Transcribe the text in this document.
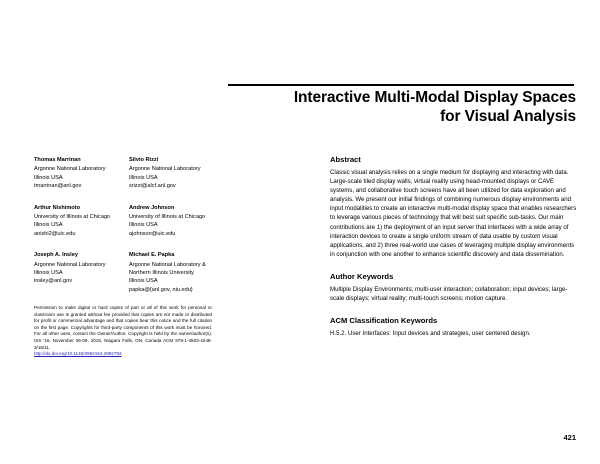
Interactive Multi-Modal Display Spaces
for Visual Analysis
Thomas Marrinan
Argonne National Laboratory
Illinois USA
tmarrinan@anl.gov
Silvio Rizzi
Argonne National Laboratory
Illinois USA
srizzi@alcf.anl.gov
Arthur Nishimoto
University of Illinois at Chicago
Illinois USA
anishi2@uic.edu
Andrew Johnson
University of Illinois at Chicago
Illinois USA
ajohnson@uic.edu
Joseph A. Insley
Argonne National Laboratory
Illinois USA
insley@anl.gov
Michael E. Papka
Argonne National Laboratory &
Northern Illinois University
Illinois USA
papka@{anl.gov, niu.edu}
Permission to make digital or hard copies of part or all of this work for personal or classroom use is granted without fee provided that copies are not made or distributed for profit or commercial advantage and that copies bear this notice and the full citation on the first page. Copyrights for third-party components of this work must be honored. For all other uses, contact the Owner/Author. Copyright is held by the owner/author(s). ISS '16, November 06-09, 2016, Niagara Falls, ON, Canada ACM 978-1-4503-4248-3/16/11.
http://dx.doi.org/10.1145/2992154.2992792
Abstract
Classic visual analysis relies on a single medium for displaying and interacting with data. Large-scale tiled display walls, virtual reality using head-mounted displays or CAVE systems, and collaborative touch screens have all been utilized for data exploration and analysis. We present our initial findings of combining numerous display environments and input modalities to create an interactive multi-modal display space that enables researchers to leverage various pieces of technology that will best suit specific sub-tasks. Our main contributions are 1) the deployment of an input server that interfaces with a wide array of interaction devices to create a single uniform stream of data usable by custom visual applications, and 2) three real-world use cases of leveraging multiple display environments in conjunction with one another to enhance scientific discovery and data dissemination.
Author Keywords
Multiple Display Environments; multi-user interaction; collaboration; input devices; large-scale displays; virtual reality; multi-touch screens; motion capture.
ACM Classification Keywords
H.5.2. User Interfaces: Input devices and strategies, user centered design.
421
